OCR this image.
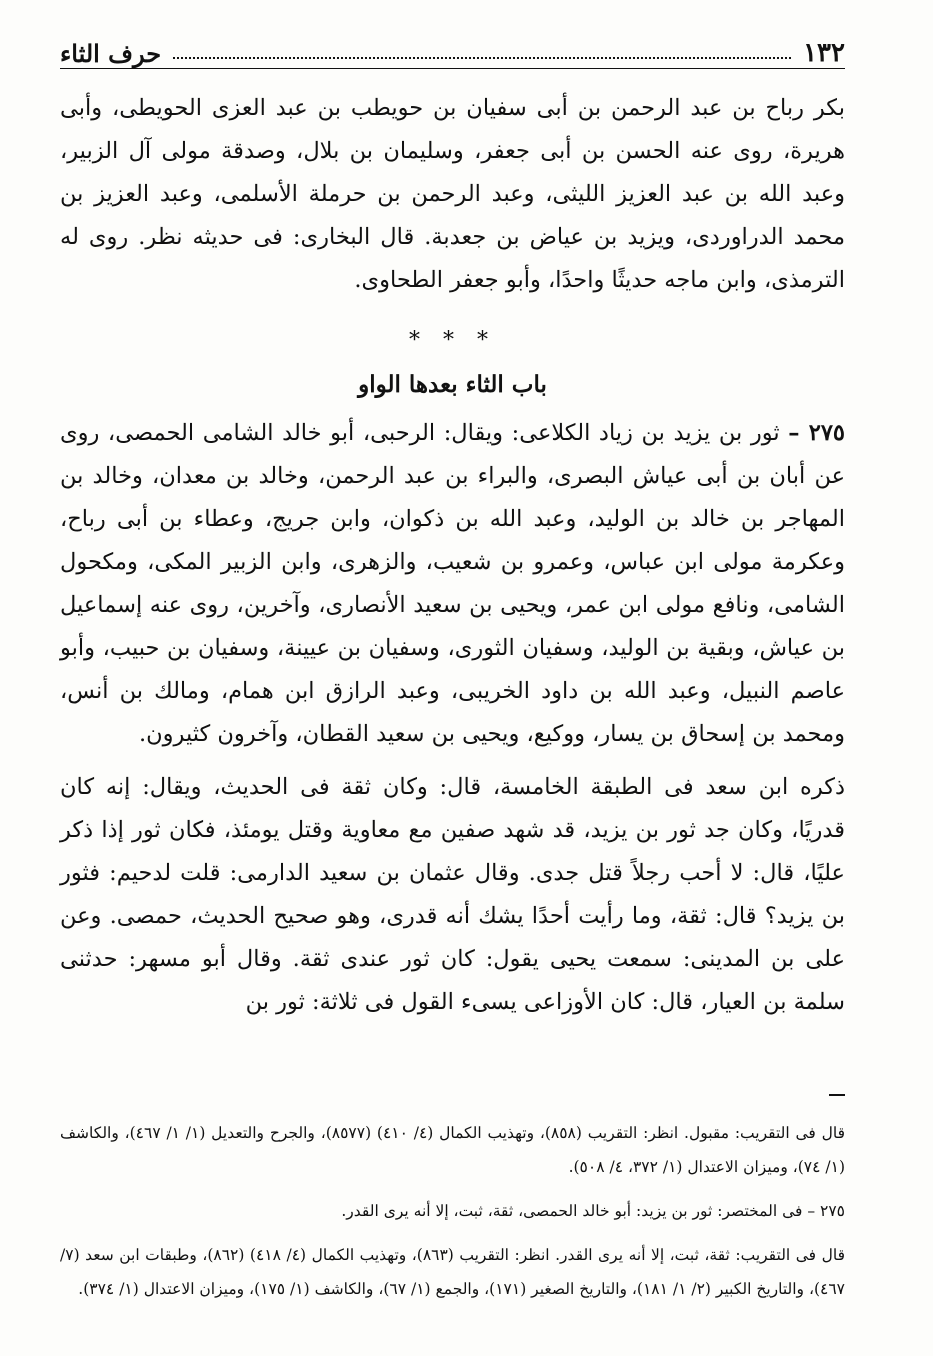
١٣٢
حرف الثاء

بكر رباح بن عبد الرحمن بن أبى سفيان بن حويطب بن عبد العزى الحويطى، وأبى هريرة، روى عنه الحسن بن أبى جعفر، وسليمان بن بلال، وصدقة مولى آل الزبير، وعبد الله بن عبد العزيز الليثى، وعبد الرحمن بن حرملة الأسلمى، وعبد العزيز بن محمد الدراوردى، ويزيد بن عياض بن جعدبة. قال البخارى: فى حديثه نظر. روى له الترمذى، وابن ماجه حديثًا واحدًا، وأبو جعفر الطحاوى.

* * *
باب الثاء بعدها الواو

٢٧٥ – ثور بن يزيد بن زياد الكلاعى: ويقال: الرحبى، أبو خالد الشامى الحمصى، روى عن أبان بن أبى عياش البصرى، والبراء بن عبد الرحمن، وخالد بن معدان، وخالد بن المهاجر بن خالد بن الوليد، وعبد الله بن ذكوان، وابن جريج، وعطاء بن أبى رباح، وعكرمة مولى ابن عباس، وعمرو بن شعيب، والزهرى، وابن الزبير المكى، ومكحول الشامى، ونافع مولى ابن عمر، ويحيى بن سعيد الأنصارى، وآخرين، روى عنه إسماعيل بن عياش، وبقية بن الوليد، وسفيان الثورى، وسفيان بن عيينة، وسفيان بن حبيب، وأبو عاصم النبيل، وعبد الله بن داود الخريبى، وعبد الرازق ابن همام، ومالك بن أنس، ومحمد بن إسحاق بن يسار، ووكيع، ويحيى بن سعيد القطان، وآخرون كثيرون.

ذكره ابن سعد فى الطبقة الخامسة، قال: وكان ثقة فى الحديث، ويقال: إنه كان قدريًا، وكان جد ثور بن يزيد، قد شهد صفين مع معاوية وقتل يومئذ، فكان ثور إذا ذكر عليًا، قال: لا أحب رجلاً قتل جدى. وقال عثمان بن سعيد الدارمى: قلت لدحيم: فثور بن يزيد؟ قال: ثقة، وما رأيت أحدًا يشك أنه قدرى، وهو صحيح الحديث، حمصى. وعن على بن المدينى: سمعت يحيى يقول: كان ثور عندى ثقة. وقال أبو مسهر: حدثنى سلمة بن العيار، قال: كان الأوزاعى يسىء القول فى ثلاثة: ثور بن

قال فى التقريب: مقبول. انظر: التقريب (٨٥٨)، وتهذيب الكمال (٤/ ٤١٠) (٨٥٧٧)، والجرح والتعديل (١/ ١/ ٤٦٧)، والكاشف (١/ ٧٤)، وميزان الاعتدال (١/ ٣٧٢، ٤/ ٥٠٨).

٢٧٥ – فى المختصر: ثور بن يزيد: أبو خالد الحمصى، ثقة، ثبت، إلا أنه يرى القدر.

قال فى التقريب: ثقة، ثبت، إلا أنه يرى القدر. انظر: التقريب (٨٦٣)، وتهذيب الكمال (٤/ ٤١٨) (٨٦٢)، وطبقات ابن سعد (٧/ ٤٦٧)، والتاريخ الكبير (٢/ ١/ ١٨١)، والتاريخ الصغير (١٧١)، والجمع (١/ ٦٧)، والكاشف (١/ ١٧٥)، وميزان الاعتدال (١/ ٣٧٤).
